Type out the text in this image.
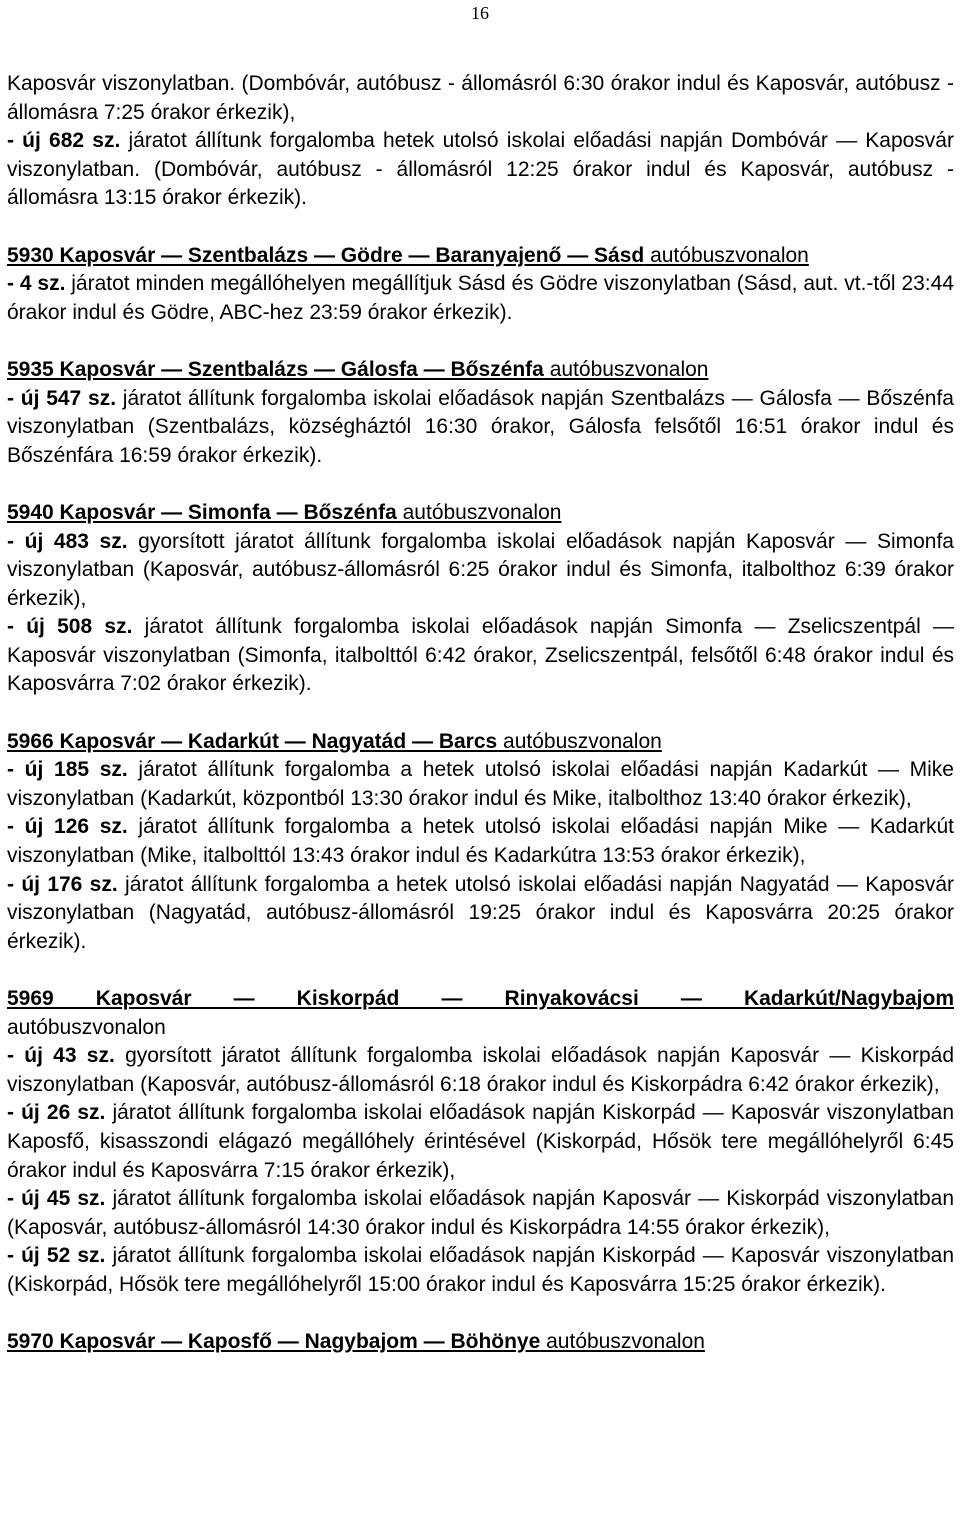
16

Kaposvár viszonylatban. (Dombóvár, autóbusz - állomásról 6:30 órakor indul és Kaposvár, autóbusz - állomásra 7:25 órakor érkezik),

- új 682 sz. járatot állítunk forgalomba hetek utolsó iskolai előadási napján Dombóvár — Kaposvár viszonylatban. (Dombóvár, autóbusz - állomásról 12:25 órakor indul és Kaposvár, autóbusz - állomásra 13:15 órakor érkezik).

5930 Kaposvár — Szentbalázs — Gödre — Baranyajenő — Sásd autóbuszvonalon

- 4 sz. járatot minden megállóhelyen megállítjuk Sásd és Gödre viszonylatban (Sásd, aut. vt.-től 23:44 órakor indul és Gödre, ABC-hez 23:59 órakor érkezik).

5935 Kaposvár — Szentbalázs — Gálosfa — Bőszénfa autóbuszvonalon

- új 547 sz. járatot állítunk forgalomba iskolai előadások napján Szentbalázs — Gálosfa — Bőszénfa viszonylatban (Szentbalázs, községháztól 16:30 órakor, Gálosfa felsőtől 16:51 órakor indul és Bőszénfára 16:59 órakor érkezik).

5940 Kaposvár — Simonfa — Bőszénfa autóbuszvonalon

- új 483 sz. gyorsított járatot állítunk forgalomba iskolai előadások napján Kaposvár — Simonfa viszonylatban (Kaposvár, autóbusz-állomásról 6:25 órakor indul és Simonfa, italbolthoz 6:39 órakor érkezik),

- új 508 sz. járatot állítunk forgalomba iskolai előadások napján Simonfa — Zselicszentpál — Kaposvár viszonylatban (Simonfa, italbolttól 6:42 órakor, Zselicszentpál, felsőtől 6:48 órakor indul és Kaposvárra 7:02 órakor érkezik).

5966 Kaposvár — Kadarkút — Nagyatád — Barcs autóbuszvonalon

- új 185 sz. járatot állítunk forgalomba a hetek utolsó iskolai előadási napján Kadarkút — Mike viszonylatban (Kadarkút, központból 13:30 órakor indul és Mike, italbolthoz 13:40 órakor érkezik),

- új 126 sz. járatot állítunk forgalomba a hetek utolsó iskolai előadási napján Mike — Kadarkút viszonylatban (Mike, italbolttól 13:43 órakor indul és Kadarkútra 13:53 órakor érkezik),

- új 176 sz. járatot állítunk forgalomba a hetek utolsó iskolai előadási napján Nagyatád — Kaposvár viszonylatban (Nagyatád, autóbusz-állomásról 19:25 órakor indul és Kaposvárra 20:25 órakor érkezik).

5969 Kaposvár — Kiskorpád — Rinyakovácsi — Kadarkút/Nagybajom

autóbuszvonalon

- új 43 sz. gyorsított járatot állítunk forgalomba iskolai előadások napján Kaposvár — Kiskorpád viszonylatban (Kaposvár, autóbusz-állomásról 6:18 órakor indul és Kiskorpádra 6:42 órakor érkezik),

- új 26 sz. járatot állítunk forgalomba iskolai előadások napján Kiskorpád — Kaposvár viszonylatban Kaposfő, kisasszondi elágazó megállóhely érintésével (Kiskorpád, Hősök tere megállóhelyről 6:45 órakor indul és Kaposvárra 7:15 órakor érkezik),

- új 45 sz. járatot állítunk forgalomba iskolai előadások napján Kaposvár — Kiskorpád viszonylatban (Kaposvár, autóbusz-állomásról 14:30 órakor indul és Kiskorpádra 14:55 órakor érkezik),

- új 52 sz. járatot állítunk forgalomba iskolai előadások napján Kiskorpád — Kaposvár viszonylatban (Kiskorpád, Hősök tere megállóhelyről 15:00 órakor indul és Kaposvárra 15:25 órakor érkezik).

5970 Kaposvár — Kaposfő — Nagybajom — Böhönye autóbuszvonalon
